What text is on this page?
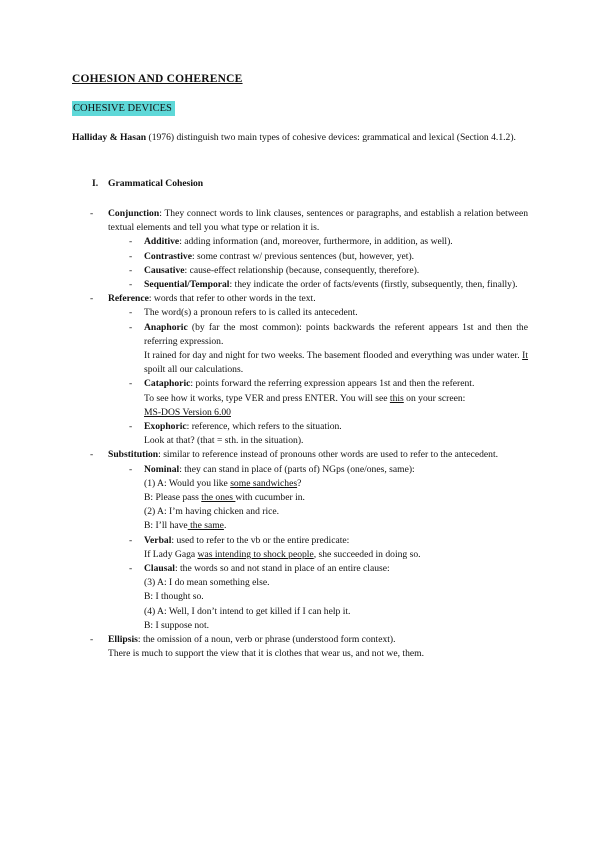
COHESION AND COHERENCE
COHESIVE DEVICES
Halliday & Hasan (1976) distinguish two main types of cohesive devices: grammatical and lexical (Section 4.1.2).
I. Grammatical Cohesion
- Conjunction: They connect words to link clauses, sentences or paragraphs, and establish a relation between textual elements and tell you what type or relation it is.
- Additive: adding information (and, moreover, furthermore, in addition, as well).
- Contrastive: some contrast w/ previous sentences (but, however, yet).
- Causative: cause-effect relationship (because, consequently, therefore).
- Sequential/Temporal: they indicate the order of facts/events (firstly, subsequently, then, finally).
- Reference: words that refer to other words in the text.
- The word(s) a pronoun refers to is called its antecedent.
- Anaphoric (by far the most common): points backwards the referent appears 1st and then the referring expression.
It rained for day and night for two weeks. The basement flooded and everything was under water. It spoilt all our calculations.
- Cataphoric: points forward the referring expression appears 1st and then the referent.
To see how it works, type VER and press ENTER. You will see this on your screen:
MS-DOS Version 6.00
- Exophoric: reference, which refers to the situation.
Look at that? (that = sth. in the situation).
- Substitution: similar to reference instead of pronouns other words are used to refer to the antecedent.
- Nominal: they can stand in place of (parts of) NGps (one/ones, same):
(1) A: Would you like some sandwiches?
B: Please pass the ones with cucumber in.
(2) A: I’m having chicken and rice.
B: I’ll have the same.
- Verbal: used to refer to the vb or the entire predicate:
If Lady Gaga was intending to shock people, she succeeded in doing so.
- Clausal: the words so and not stand in place of an entire clause:
(3) A: I do mean something else.
B: I thought so.
(4) A: Well, I don’t intend to get killed if I can help it.
B: I suppose not.
- Ellipsis: the omission of a noun, verb or phrase (understood form context).
There is much to support the view that it is clothes that wear us, and not we, them.
